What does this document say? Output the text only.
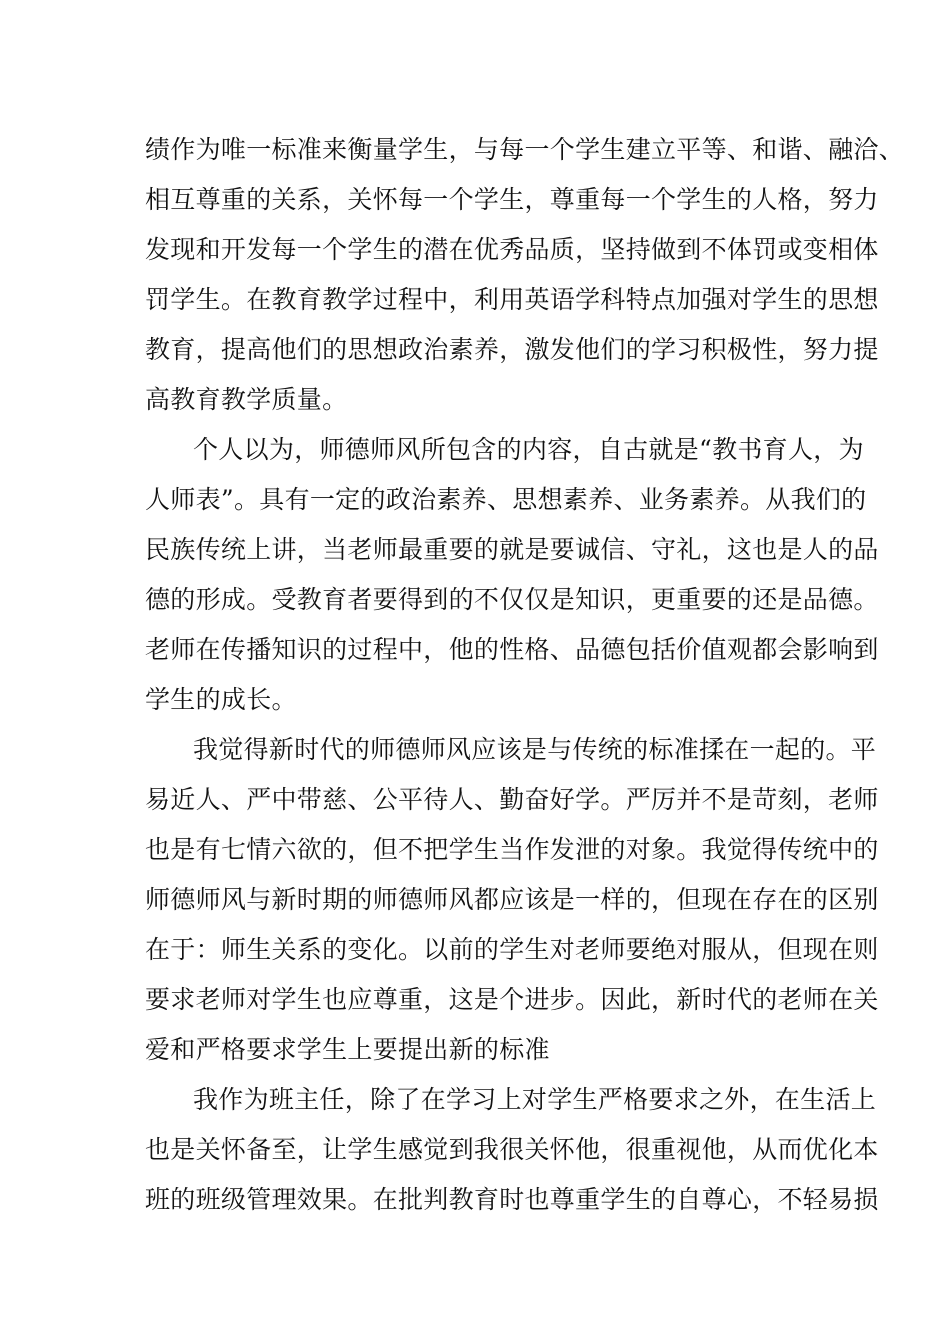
绩作为唯一标准来衡量学生，与每一个学生建立平等、和谐、融洽、
相互尊重的关系，关怀每一个学生，尊重每一个学生的人格，努力
发现和开发每一个学生的潜在优秀品质，坚持做到不体罚或变相体
罚学生。在教育教学过程中，利用英语学科特点加强对学生的思想
教育，提高他们的思想政治素养，激发他们的学习积极性，努力提
高教育教学质量。
个人以为，师德师风所包含的内容，自古就是“教书育人，为
人师表”。具有一定的政治素养、思想素养、业务素养。从我们的
民族传统上讲，当老师最重要的就是要诚信、守礼，这也是人的品
德的形成。受教育者要得到的不仅仅是知识，更重要的还是品德。
老师在传播知识的过程中，他的性格、品德包括价值观都会影响到
学生的成长。
我觉得新时代的师德师风应该是与传统的标准揉在一起的。平
易近人、严中带慈、公平待人、勤奋好学。严厉并不是苛刻，老师
也是有七情六欲的，但不把学生当作发泄的对象。我觉得传统中的
师德师风与新时期的师德师风都应该是一样的，但现在存在的区别
在于：师生关系的变化。以前的学生对老师要绝对服从，但现在则
要求老师对学生也应尊重，这是个进步。因此，新时代的老师在关
爱和严格要求学生上要提出新的标准
我作为班主任，除了在学习上对学生严格要求之外，在生活上
也是关怀备至，让学生感觉到我很关怀他，很重视他，从而优化本
班的班级管理效果。在批判教育时也尊重学生的自尊心，不轻易损
